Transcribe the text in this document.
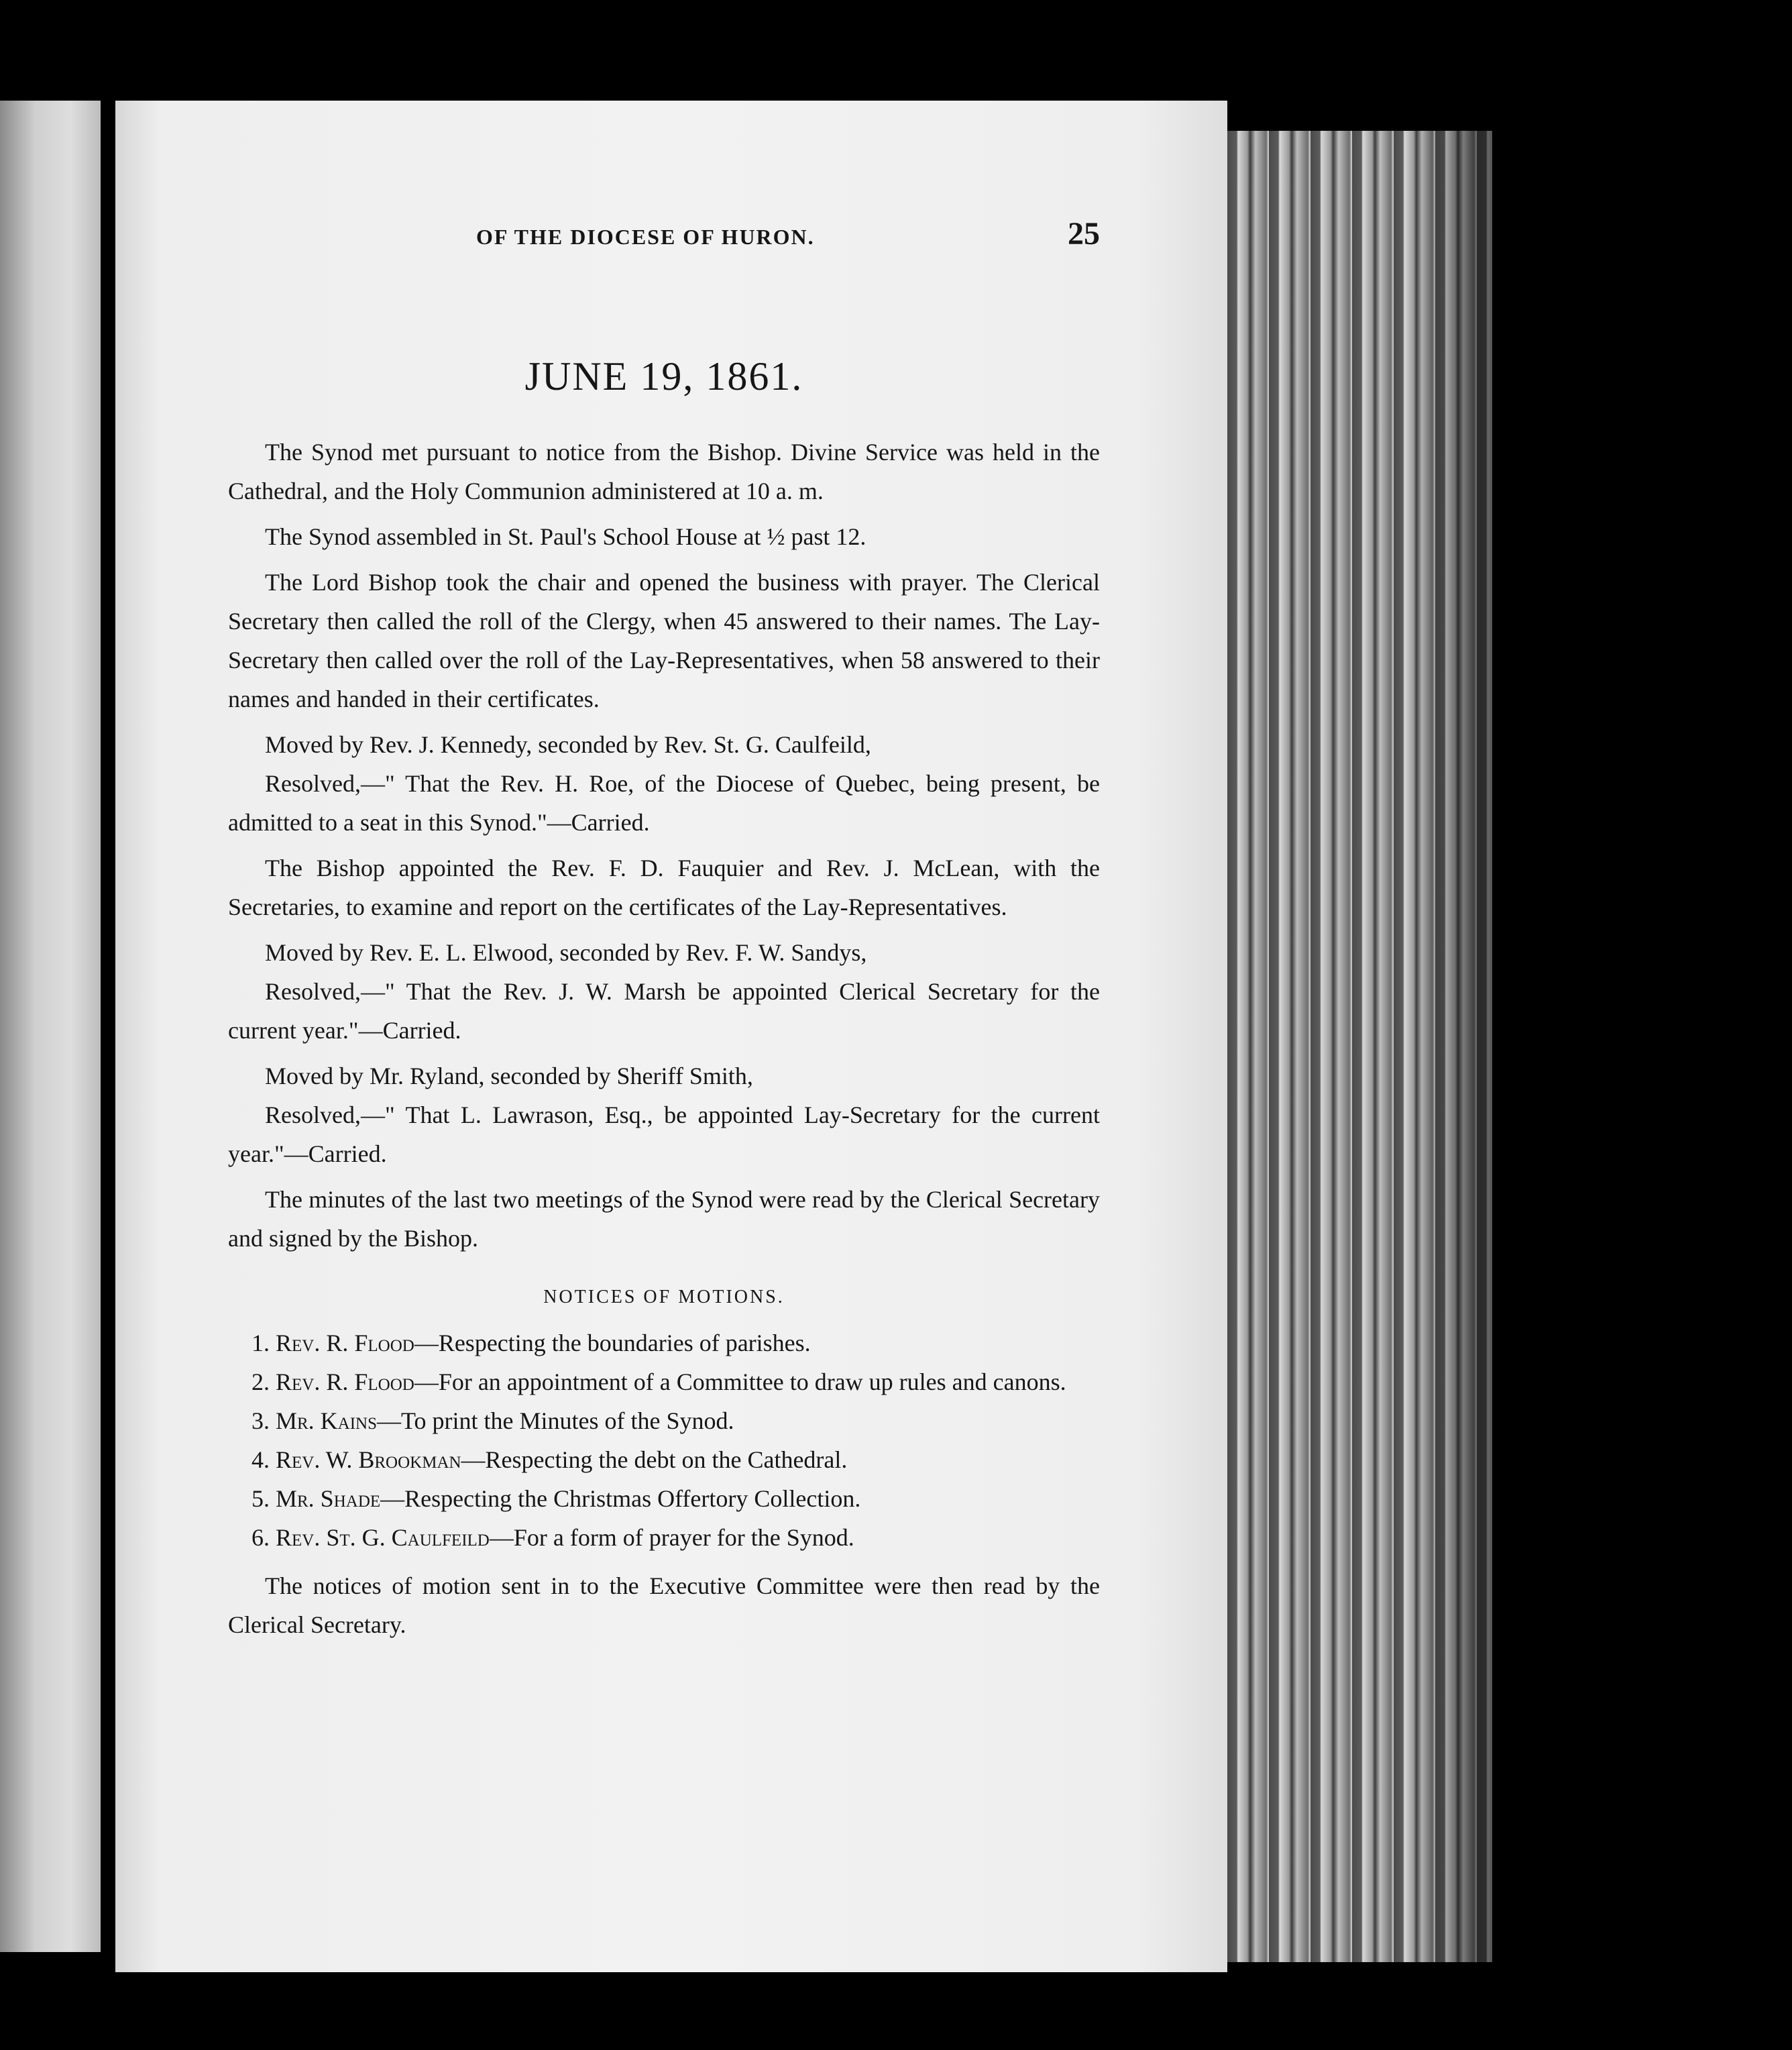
OF THE DIOCESE OF HURON.	25
JUNE 19, 1861.

The Synod met pursuant to notice from the Bishop. Divine Service was held in the Cathedral, and the Holy Communion administered at 10 a. m.

The Synod assembled in St. Paul's School House at ½ past 12.

The Lord Bishop took the chair and opened the business with prayer. The Clerical Secretary then called the roll of the Clergy, when 45 answered to their names. The Lay-Secretary then called over the roll of the Lay-Representatives, when 58 answered to their names and handed in their certificates.

Moved by Rev. J. Kennedy, seconded by Rev. St. G. Caulfeild,

Resolved,—" That the Rev. H. Roe, of the Diocese of Quebec, being present, be admitted to a seat in this Synod."—Carried.

The Bishop appointed the Rev. F. D. Fauquier and Rev. J. McLean, with the Secretaries, to examine and report on the certificates of the Lay-Representatives.

Moved by Rev. E. L. Elwood, seconded by Rev. F. W. Sandys,

Resolved,—" That the Rev. J. W. Marsh be appointed Clerical Secretary for the current year."—Carried.

Moved by Mr. Ryland, seconded by Sheriff Smith,

Resolved,—" That L. Lawrason, Esq., be appointed Lay-Secretary for the current year."—Carried.

The minutes of the last two meetings of the Synod were read by the Clerical Secretary and signed by the Bishop.

NOTICES OF MOTIONS.

1. Rev. R. Flood—Respecting the boundaries of parishes.

2. Rev. R. Flood—For an appointment of a Committee to draw up rules and canons.

3. Mr. Kains—To print the Minutes of the Synod.

4. Rev. W. Brookman—Respecting the debt on the Cathedral.

5. Mr. Shade—Respecting the Christmas Offertory Collection.

6. Rev. St. G. Caulfeild—For a form of prayer for the Synod.

The notices of motion sent in to the Executive Committee were then read by the Clerical Secretary.
